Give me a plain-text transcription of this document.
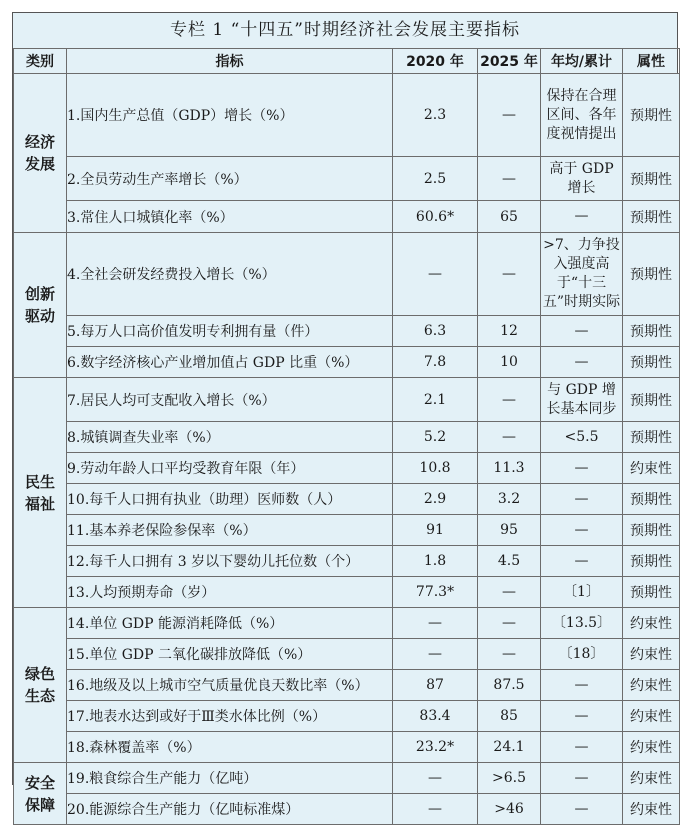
专栏 1 “十四五”时期经济社会发展主要指标
类别	指标	2020 年	2025 年	年均/累计	属性

经济
发展	1.国内生产总值（GDP）增长（%）	2.3	—	保持在合理区间、各年度视情提出	预期性
	2.全员劳动生产率增长（%）	2.5	—	高于 GDP 增长	预期性
	3.常住人口城镇化率（%）	60.6*	65	—	预期性

创新
驱动	4.全社会研发经费投入增长（%）	—	—	>7、力争投入强度高于“十三五”时期实际	预期性
	5.每万人口高价值发明专利拥有量（件）	6.3	12	—	预期性
	6.数字经济核心产业增加值占 GDP 比重（%）	7.8	10	—	预期性

民生
福祉	7.居民人均可支配收入增长（%）	2.1	—	与 GDP 增长基本同步	预期性
	8.城镇调查失业率（%）	5.2	—	<5.5	预期性
	9.劳动年龄人口平均受教育年限（年）	10.8	11.3	—	约束性
	10.每千人口拥有执业（助理）医师数（人）	2.9	3.2	—	预期性
	11.基本养老保险参保率（%）	91	95	—	预期性
	12.每千人口拥有 3 岁以下婴幼儿托位数（个）	1.8	4.5	—	预期性
	13.人均预期寿命（岁）	77.3*	—	〔1〕	预期性

绿色
生态	14.单位 GDP 能源消耗降低（%）	—	—	〔13.5〕	约束性
	15.单位 GDP 二氧化碳排放降低（%）	—	—	〔18〕	约束性
	16.地级及以上城市空气质量优良天数比率（%）	87	87.5	—	约束性
	17.地表水达到或好于Ⅲ类水体比例（%）	83.4	85	—	约束性
	18.森林覆盖率（%）	23.2*	24.1	—	约束性

安全
保障	19.粮食综合生产能力（亿吨）	—	>6.5	—	约束性
	20.能源综合生产能力（亿吨标准煤）	—	>46	—	约束性
